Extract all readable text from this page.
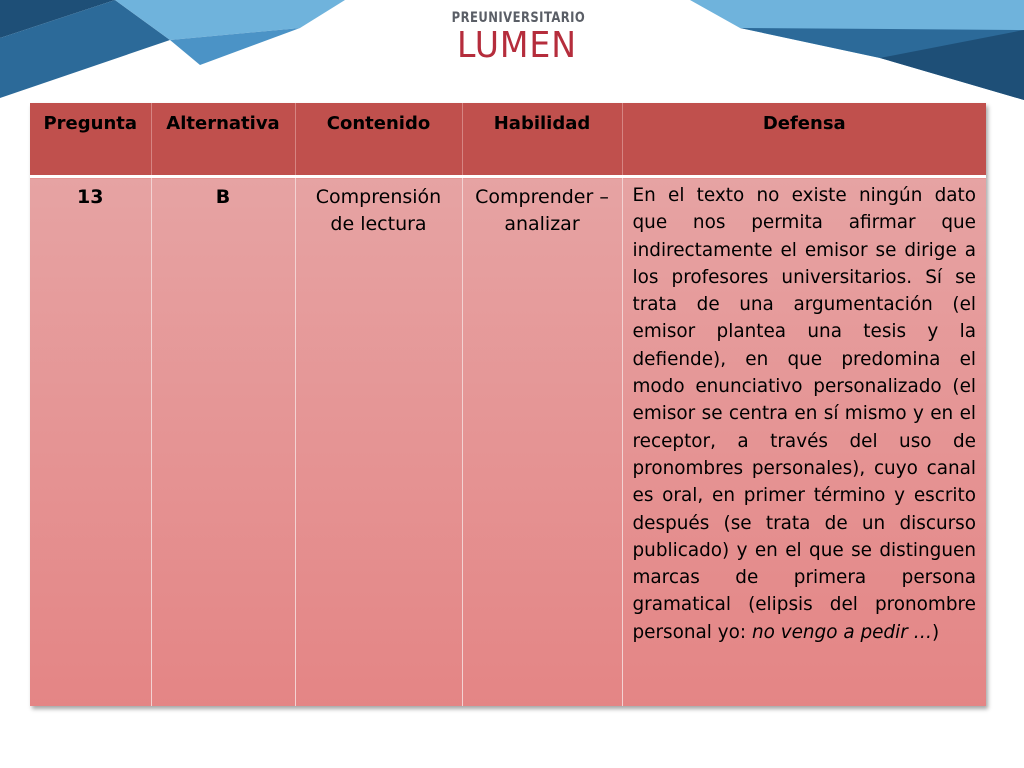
PREUNIVERSITARIO
LUMEN
Pregunta	Alternativa	Contenido	Habilidad	Defensa
13	B	Comprensión de lectura	Comprender –analizar	En el texto no existe ningún dato que nos permita afirmar que indirectamente el emisor se dirige a los profesores universitarios. Sí se trata de una argumentación (el emisor plantea una tesis y la defiende), en que predomina el modo enunciativo personalizado (el emisor se centra en sí mismo y en el receptor, a través del uso de pronombres personales), cuyo canal es oral, en primer término y escrito después (se trata de un discurso publicado) y en el que se distinguen marcas de primera persona gramatical (elipsis del pronombre personal yo: no vengo a pedir …)
